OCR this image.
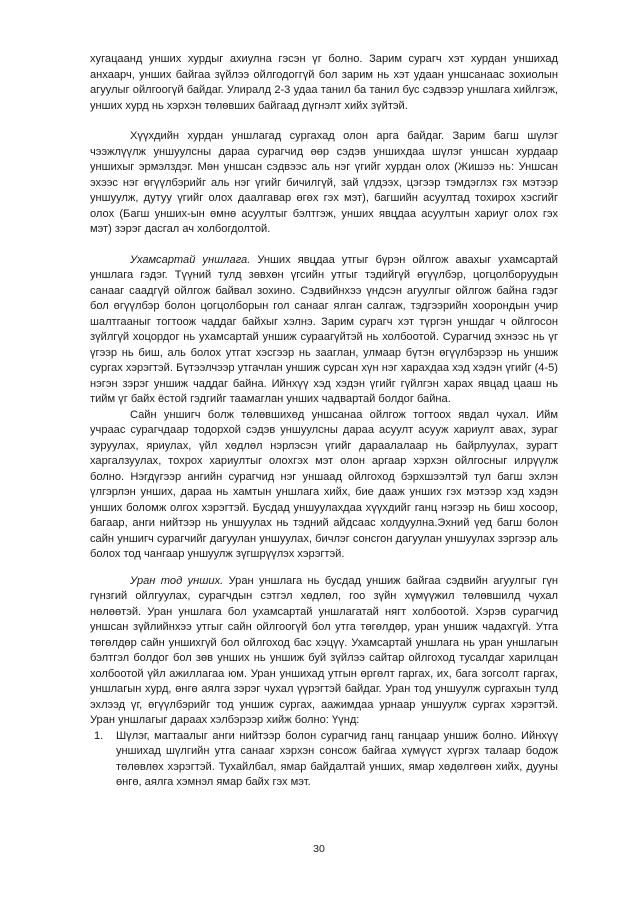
хугацаанд унших хурдыг ахиулна гэсэн үг болно. Зарим сурагч хэт хурдан уншихад анхаарч, унших байгаа зүйлээ ойлгодоггүй бол зарим нь хэт удаан уншсанаас зохиолын агуулыг ойлгоогүй байдаг. Улиралд 2-3 удаа танил ба танил бус сэдвээр уншлага хийлгэж, унших хурд нь хэрхэн төлөвших байгаад дүгнэлт хийх зүйтэй.

Хүүхдийн хурдан уншлагад сургахад олон арга байдаг. Зарим багш шүлэг чээжлүүлж уншуулсны дараа сурагчид өөр сэдэв уншихдаа шүлэг уншсан хурдаар уншихыг эрмэлздэг. Мөн уншсан сэдвээс аль нэг үгийг хурдан олох (Жишээ нь: Уншсан эхээс нэг өгүүлбэрийг аль нэг үгийг бичилгүй, зай үлдээх, цэгээр тэмдэглэх гэх мэтээр уншуулж, дутуу үгийг олох даалгавар өгөх гэх мэт), багшийн асуултад тохирох хэсгийг олох (Багш унших-ын өмнө асуултыг бэлтгэж, унших явцдаа асуултын хариуг олох гэх мэт) зэрэг дасгал ач холбогдолтой.

Ухамсартай уншлага. Унших явцдаа утгыг бүрэн ойлгож авахыг ухамсартай уншлага гэдэг. Түүний тулд зөвхөн үгсийн утгыг тэдийгүй өгүүлбэр, цогцолборуудын санааг саадгүй ойлгож байвал зохино. Сэдвийнхээ үндсэн агуулгыг ойлгож байна гэдэг бол өгүүлбэр болон цогцолборын гол санааг ялган салгаж, тэдгээрийн хоорондын учир шалтгааныг тогтоож чаддаг байхыг хэлнэ. Зарим сурагч хэт түргэн уншдаг ч ойлгосон зүйлгүй хоцордог нь ухамсартай уншиж сураагүйтэй нь холбоотой. Сурагчид эхнээс нь үг үгээр нь биш, аль болох утгат хэсгээр нь зааглан, улмаар бүтэн өгүүлбэрээр нь уншиж сургах хэрэгтэй. Бүтээлчээр утгачлан уншиж сурсан хүн нэг харахдаа хэд хэдэн үгийг (4-5) нэгэн зэрэг уншиж чаддаг байна. Ийнхүү хэд хэдэн үгийг гүйлгэн харах явцад цааш нь тийм үг байх ёстой гэдгийг таамаглан унших чадвартай болдог байна.

Сайн уншигч болж төлөвшихөд уншсанаа ойлгож тогтоох явдал чухал. Ийм учраас сурагчдаар тодорхой сэдэв уншуулсны дараа асуулт асууж хариулт авах, зураг зуруулах, яриулах, үйл хөдлөл нэрлэсэн үгийг дараалалаар нь байрлуулах, зурагт харгалзуулах, тохрох хариултыг олохгэх мэт олон аргаар хэрхэн ойлгосныг илрүүлж болно. Нэгдүгээр ангийн сурагчид нэг уншаад ойлгоход бэрхшээлтэй тул багш эхлэн үлгэрлэн унших, дараа нь хамтын уншлага хийх, бие дааж унших гэх мэтээр хэд хэдэн унших боломж олгох хэрэгтэй. Бусдад уншуулахдаа хүүхдийг ганц нэгээр нь биш хосоор, багаар, анги нийтээр нь уншуулах нь тэдний айдсааc холдуулна.Эхний үед багш болон сайн уншигч сурагчийг дагуулан уншуулах, бичлэг сонсгон дагуулан уншуулах зэргээр аль болох тод чангаар уншуулж зүгшрүүлэх хэрэгтэй.

Уран тод унших. Уран уншлага нь бусдад уншиж байгаа сэдвийн агуулгыг гүн гүнзгий ойлгуулах, сурагчдын сэтгэл хөдлөл, гоо зүйн хүмүүжил төлөвшилд чухал нөлөөтэй. Уран уншлага бол ухамсартай уншлагатай нягт холбоотой. Хэрэв сурагчид уншсан зүйлийнхээ утгыг сайн ойлгоогүй бол утга төгөлдөр, уран уншиж чадахгүй. Утга төгөлдөр сайн уншихгүй бол ойлгоход бас хэцүү. Ухамсартай уншлага нь уран уншлагын бэлтгэл болдог бол зөв унших нь уншиж буй зүйлээ сайтар ойлгоход тусалдаг харилцан холбоотой үйл ажиллагаа юм. Уран уншихад утгын өргөлт гаргах, их, бага зогсолт гаргах, уншлагын хурд, өнгө аялга зэрэг чухал үүрэгтэй байдаг. Уран тод уншуулж сургахын тулд эхлээд үг, өгүүлбэрийг тод уншиж сургах, аажимдаа урнаар уншуулж сургах хэрэгтэй. Уран уншлагыг дараах хэлбэрээр хийж болно: Үүнд:

1.	Шүлэг, магтаалыг анги нийтээр болон сурагчид ганц ганцаар уншиж болно. Ийнхүү уншихад шүлгийн утга санааг хэрхэн сонсож байгаа хүмүүст хүргэх талаар бодож төлөвлөх хэрэгтэй. Тухайлбал, ямар байдалтай унших, ямар хөдөлгөөн хийх, дууны өнгө, аялга хэмнэл ямар байх гэх мэт.
30
